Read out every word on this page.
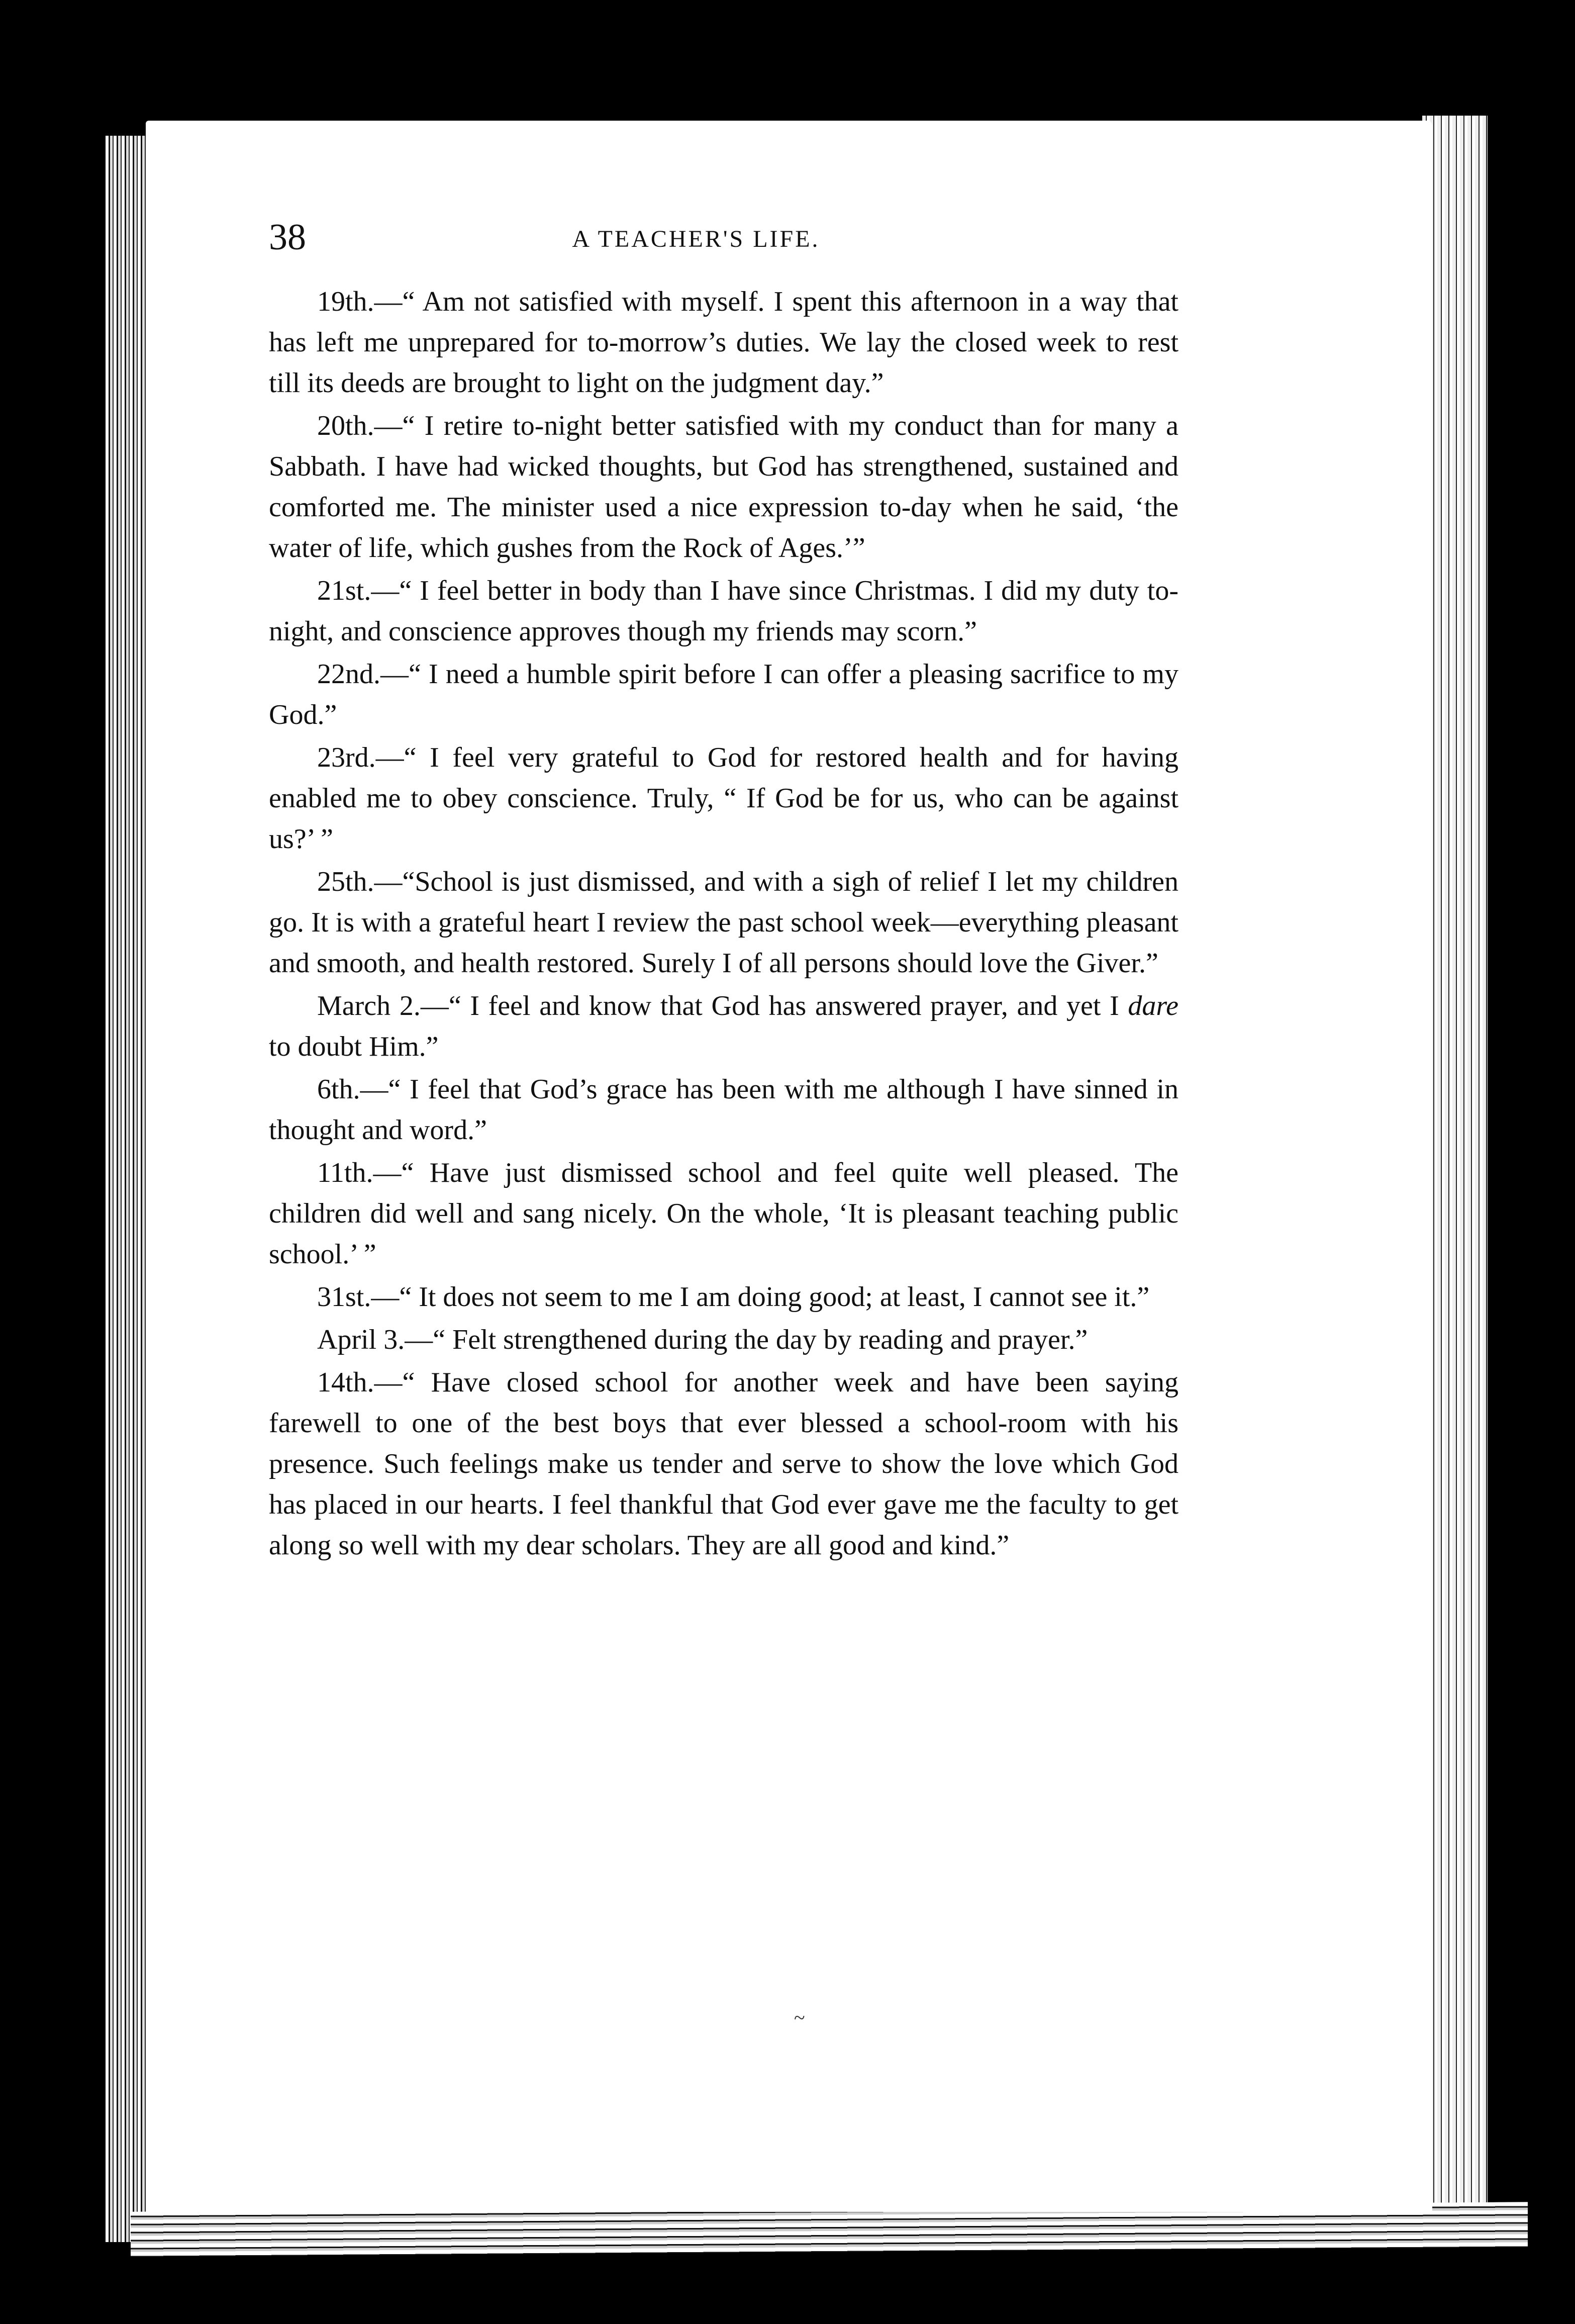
38	A TEACHER'S LIFE.

19th.—“ Am not satisfied with myself. I spent this afternoon in a way that has left me unprepared for to-morrow’s duties. We lay the closed week to rest till its deeds are brought to light on the judgment day.”

20th.—“ I retire to-night better satisfied with my conduct than for many a Sabbath. I have had wicked thoughts, but God has strengthened, sustained and comforted me. The minister used a nice expression to-day when he said, ‘the water of life, which gushes from the Rock of Ages.’”

21st.—“ I feel better in body than I have since Christmas. I did my duty to-night, and conscience approves though my friends may scorn.”

22nd.—“ I need a humble spirit before I can offer a pleasing sacrifice to my God.”

23rd.—“ I feel very grateful to God for restored health and for having enabled me to obey conscience. Truly, “ If God be for us, who can be against us?’ ”

25th.—“School is just dismissed, and with a sigh of relief I let my children go. It is with a grateful heart I review the past school week—everything pleasant and smooth, and health restored. Surely I of all persons should love the Giver.”

March 2.—“ I feel and know that God has answered prayer, and yet I dare to doubt Him.”

6th.—“ I feel that God’s grace has been with me although I have sinned in thought and word.”

11th.—“ Have just dismissed school and feel quite well pleased. The children did well and sang nicely. On the whole, ‘It is pleasant teaching public school.’ ”

31st.—“ It does not seem to me I am doing good; at least, I cannot see it.”

April 3.—“ Felt strengthened during the day by reading and prayer.”

14th.—“ Have closed school for another week and have been saying farewell to one of the best boys that ever blessed a school-room with his presence. Such feelings make us tender and serve to show the love which God has placed in our hearts. I feel thankful that God ever gave me the faculty to get along so well with my dear scholars. They are all good and kind.”

~
